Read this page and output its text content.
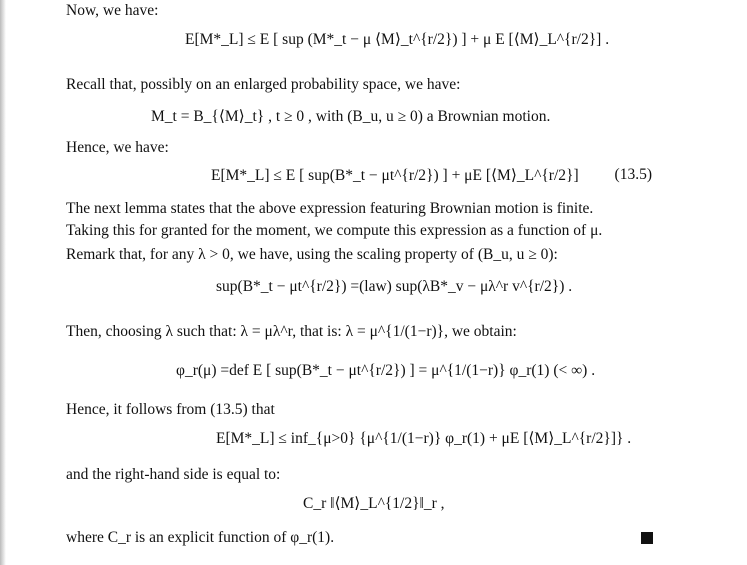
Now, we have:
E[M*_L] ≤ E [ sup (M*_t − μ ⟨M⟩_t^{r/2}) ] + μ E [⟨M⟩_L^{r/2}] .
Recall that, possibly on an enlarged probability space, we have:
M_t = B_{⟨M⟩_t} , t ≥ 0 , with (B_u, u ≥ 0) a Brownian motion.
Hence, we have:
E[M*_L] ≤ E [ sup(B*_t − μt^{r/2}) ] + μE [⟨M⟩_L^{r/2}] (13.5)
The next lemma states that the above expression featuring Brownian motion is finite.
Taking this for granted for the moment, we compute this expression as a function of μ.
Remark that, for any λ > 0, we have, using the scaling property of (B_u, u ≥ 0):
sup(B*_t − μt^{r/2}) =(law) sup(λB*_v − μλ^r v^{r/2}) .
Then, choosing λ such that: λ = μλ^r, that is: λ = μ^{1/(1−r)}, we obtain:
φ_r(μ) =def E [ sup(B*_t − μt^{r/2}) ] = μ^{1/(1−r)} φ_r(1) (< ∞) .
Hence, it follows from (13.5) that
E[M*_L] ≤ inf_{μ>0} {μ^{1/(1−r)} φ_r(1) + μE [⟨M⟩_L^{r/2}]} .
and the right-hand side is equal to:
C_r ‖⟨M⟩_L^{1/2}‖_r ,
where C_r is an explicit function of φ_r(1).
